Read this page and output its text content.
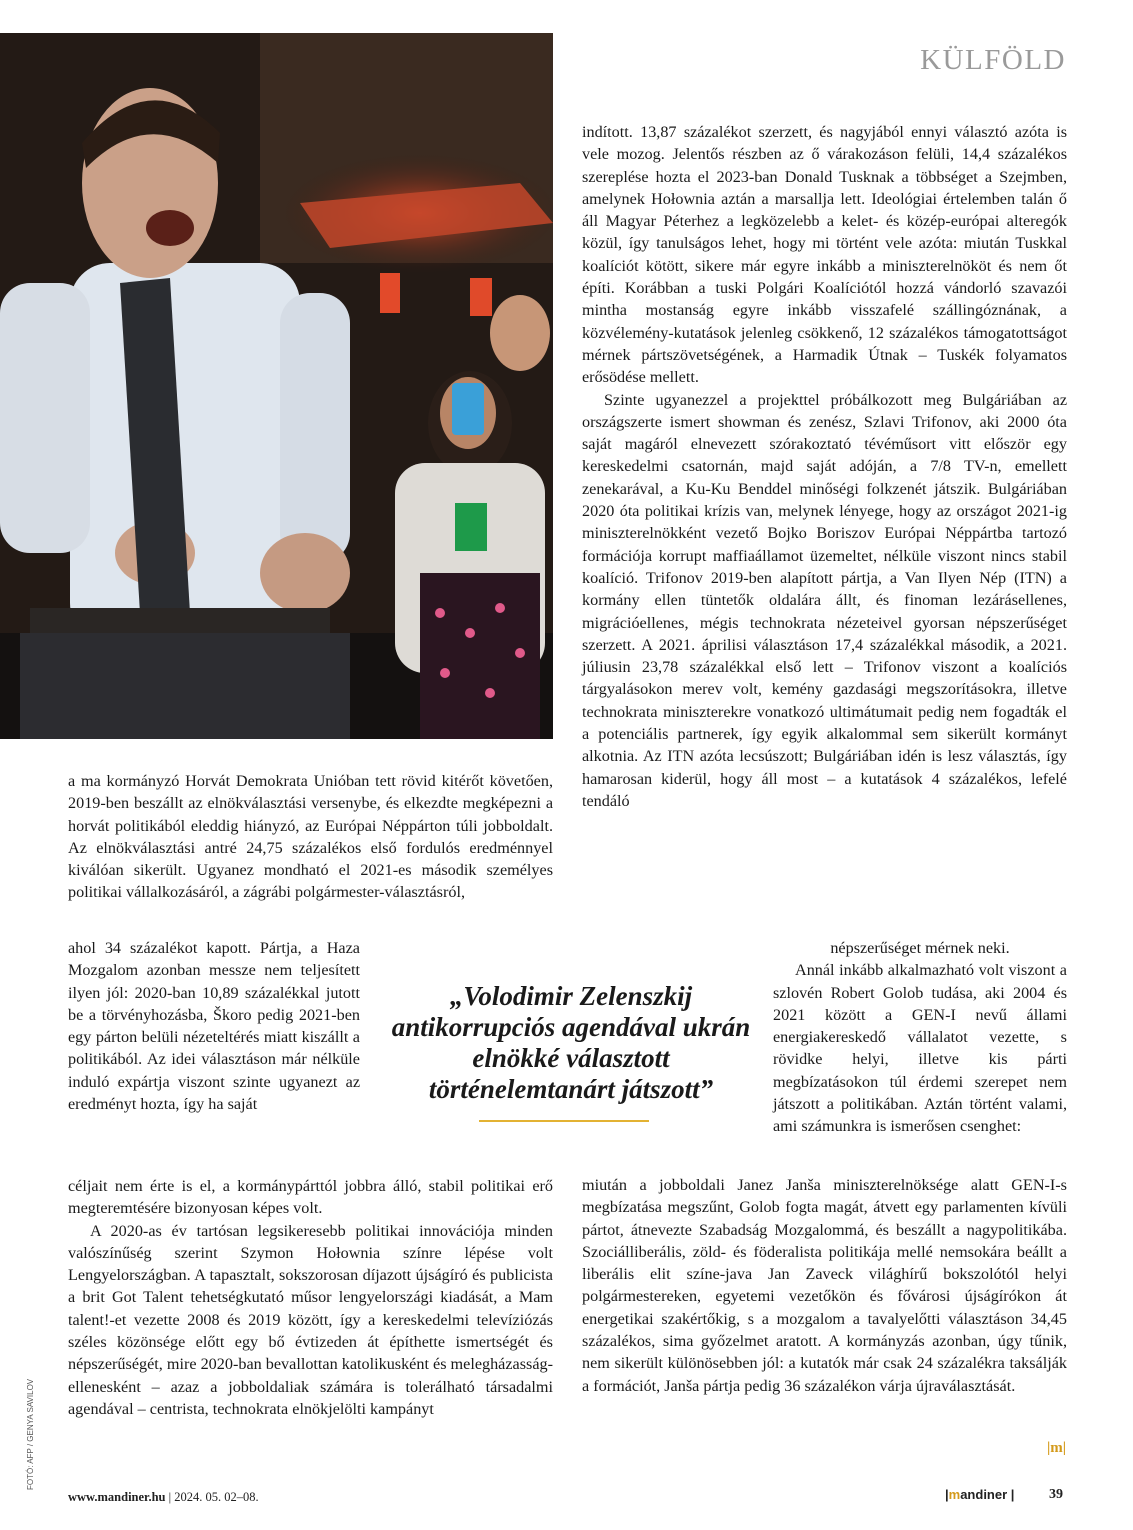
KÜLFÖLD
FOTÓ: AFP / GENYA SAVILOV

indított. 13,87 százalékot szerzett, és nagyjából ennyi választó azóta is vele mozog. Jelentős részben az ő várakozáson felüli, 14,4 százalékos szereplése hozta el 2023-ban Donald Tusknak a többséget a Szejmben, amelynek Hołownia aztán a marsallja lett. Ideológiai értelemben talán ő áll Magyar Péterhez a legközelebb a kelet- és közép-európai alteregók közül, így tanulságos lehet, hogy mi történt vele azóta: miután Tuskkal koalíciót kötött, sikere már egyre inkább a miniszterelnököt és nem őt építi. Korábban a tuski Polgári Koalíciótól hozzá vándorló szavazói mintha mostanság egyre inkább visszafelé szállingóznának, a közvélemény-kutatások jelenleg csökkenő, 12 százalékos támogatottságot mérnek pártszövetségének, a Harmadik Útnak – Tuskék folyamatos erősödése mellett.

Szinte ugyanezzel a projekttel próbálkozott meg Bulgáriában az országszerte ismert showman és zenész, Szlavi Trifonov, aki 2000 óta saját magáról elnevezett szórakoztató tévéműsort vitt először egy kereskedelmi csatornán, majd saját adóján, a 7/8 TV-n, emellett zenekarával, a Ku-Ku Benddel minőségi folkzenét játszik. Bulgáriában 2020 óta politikai krízis van, melynek lényege, hogy az országot 2021-ig miniszterelnökként vezető Bojko Boriszov Európai Néppártba tartozó formációja korrupt maffiaállamot üzemeltet, nélküle viszont nincs stabil koalíció. Trifonov 2019-ben alapított pártja, a Van Ilyen Nép (ITN) a kormány ellen tüntetők oldalára állt, és finoman lezárásellenes, migrációellenes, mégis technokrata nézeteivel gyorsan népszerűséget szerzett. A 2021. áprilisi választáson 17,4 százalékkal második, a 2021. júliusin 23,78 százalékkal első lett – Trifonov viszont a koalíciós tárgyalásokon merev volt, kemény gazdasági megszorításokra, illetve technokrata miniszterekre vonatkozó ultimátumait pedig nem fogadták el a potenciális partnerek, így egyik alkalommal sem sikerült kormányt alkotnia. Az ITN azóta lecsúszott; Bulgáriában idén is lesz választás, így hamarosan kiderül, hogy áll most – a kutatások 4 százalékos, lefelé tendáló

népszerűséget mérnek neki.

Annál inkább alkalmazható volt viszont a szlovén Robert Golob tudása, aki 2004 és 2021 között a GEN-I nevű állami energiakereskedő vállalatot vezette, s rövidke helyi, illetve kis párti megbízatásokon túl érdemi szerepet nem játszott a politikában. Aztán történt valami, ami számunkra is ismerősen csenghet:

miután a jobboldali Janez Janša miniszterelnöksége alatt GEN-I-s megbízatása megszűnt, Golob fogta magát, átvett egy parlamenten kívüli pártot, átnevezte Szabadság Mozgalommá, és beszállt a nagypolitikába. Szociálliberális, zöld- és föderalista politikája mellé nemsokára beállt a liberális elit színe-java Jan Zaveck világhírű bokszolótól helyi polgármestereken, egyetemi vezetőkön és fővárosi újságírókon át energetikai szakértőkig, s a mozgalom a tavalyelőtti választáson 34,45 százalékos, sima győzelmet aratott. A kormányzás azonban, úgy tűnik, nem sikerült különösebben jól: a kutatók már csak 24 százalékra taksálják a formációt, Janša pártja pedig 36 százalékon várja újraválasztását.

a ma kormányzó Horvát Demokrata Unióban tett rövid kitérőt követően, 2019-ben beszállt az elnökválasztási versenybe, és elkezdte megképezni a horvát politikából eleddig hiányzó, az Európai Néppárton túli jobboldalt. Az elnökválasztási antré 24,75 százalékos első fordulós eredménnyel kiválóan sikerült. Ugyanez mondható el 2021-es második személyes politikai vállalkozásáról, a zágrábi polgármester-választásról,

ahol 34 százalékot kapott. Pártja, a Haza Mozgalom azonban messze nem teljesített ilyen jól: 2020-ban 10,89 százalékkal jutott be a törvényhozásba, Škoro pedig 2021-ben egy párton belüli nézeteltérés miatt kiszállt a politikából. Az idei választáson már nélküle induló expártja viszont szinte ugyanezt az eredményt hozta, így ha saját

céljait nem érte is el, a kormánypárttól jobbra álló, stabil politikai erő megteremtésére bizonyosan képes volt.

A 2020-as év tartósan legsikeresebb politikai innovációja minden valószínűség szerint Szymon Hołownia színre lépése volt Lengyelországban. A tapasztalt, sokszorosan díjazott újságíró és publicista a brit Got Talent tehetségkutató műsor lengyelországi kiadását, a Mam talent!-et vezette 2008 és 2019 között, így a kereskedelmi televíziózás széles közönsége előtt egy bő évtizeden át építhette ismertségét és népszerűségét, mire 2020-ban bevallottan katolikusként és melegházasság-ellenesként – azaz a jobboldaliak számára is tolerálható társadalmi agendával – centrista, technokrata elnökjelölti kampányt

„Volodimir Zelenszkij antikorrupciós agendával ukrán elnökké választott történelemtanárt játszott”
|m|
www.mandiner.hu | 2024. 05. 02–08.	|mandiner | 39
